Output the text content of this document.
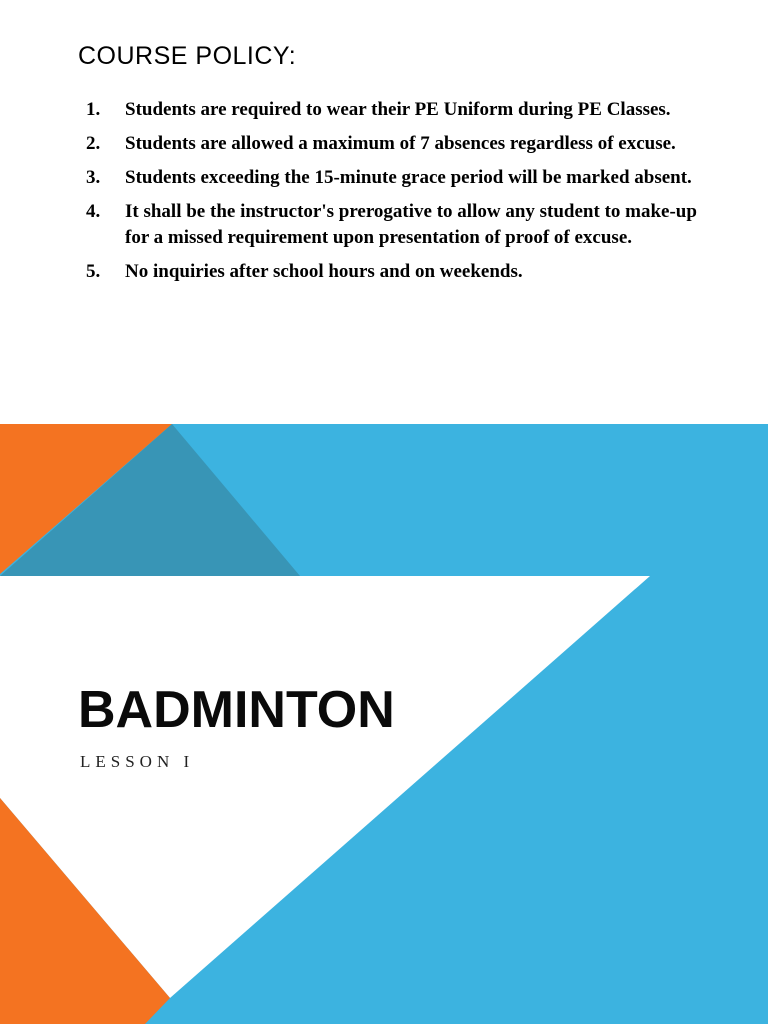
COURSE POLICY:
1.	Students are required to wear their PE Uniform during PE Classes.
2.	Students are allowed a maximum of 7 absences regardless of excuse.
3.	Students exceeding the 15-minute grace period will be marked absent.
4.	It shall be the instructor's prerogative to allow any student to make-up for a missed requirement upon presentation of proof of excuse.
5.	No inquiries after school hours and on weekends.
BADMINTON

LESSON I
